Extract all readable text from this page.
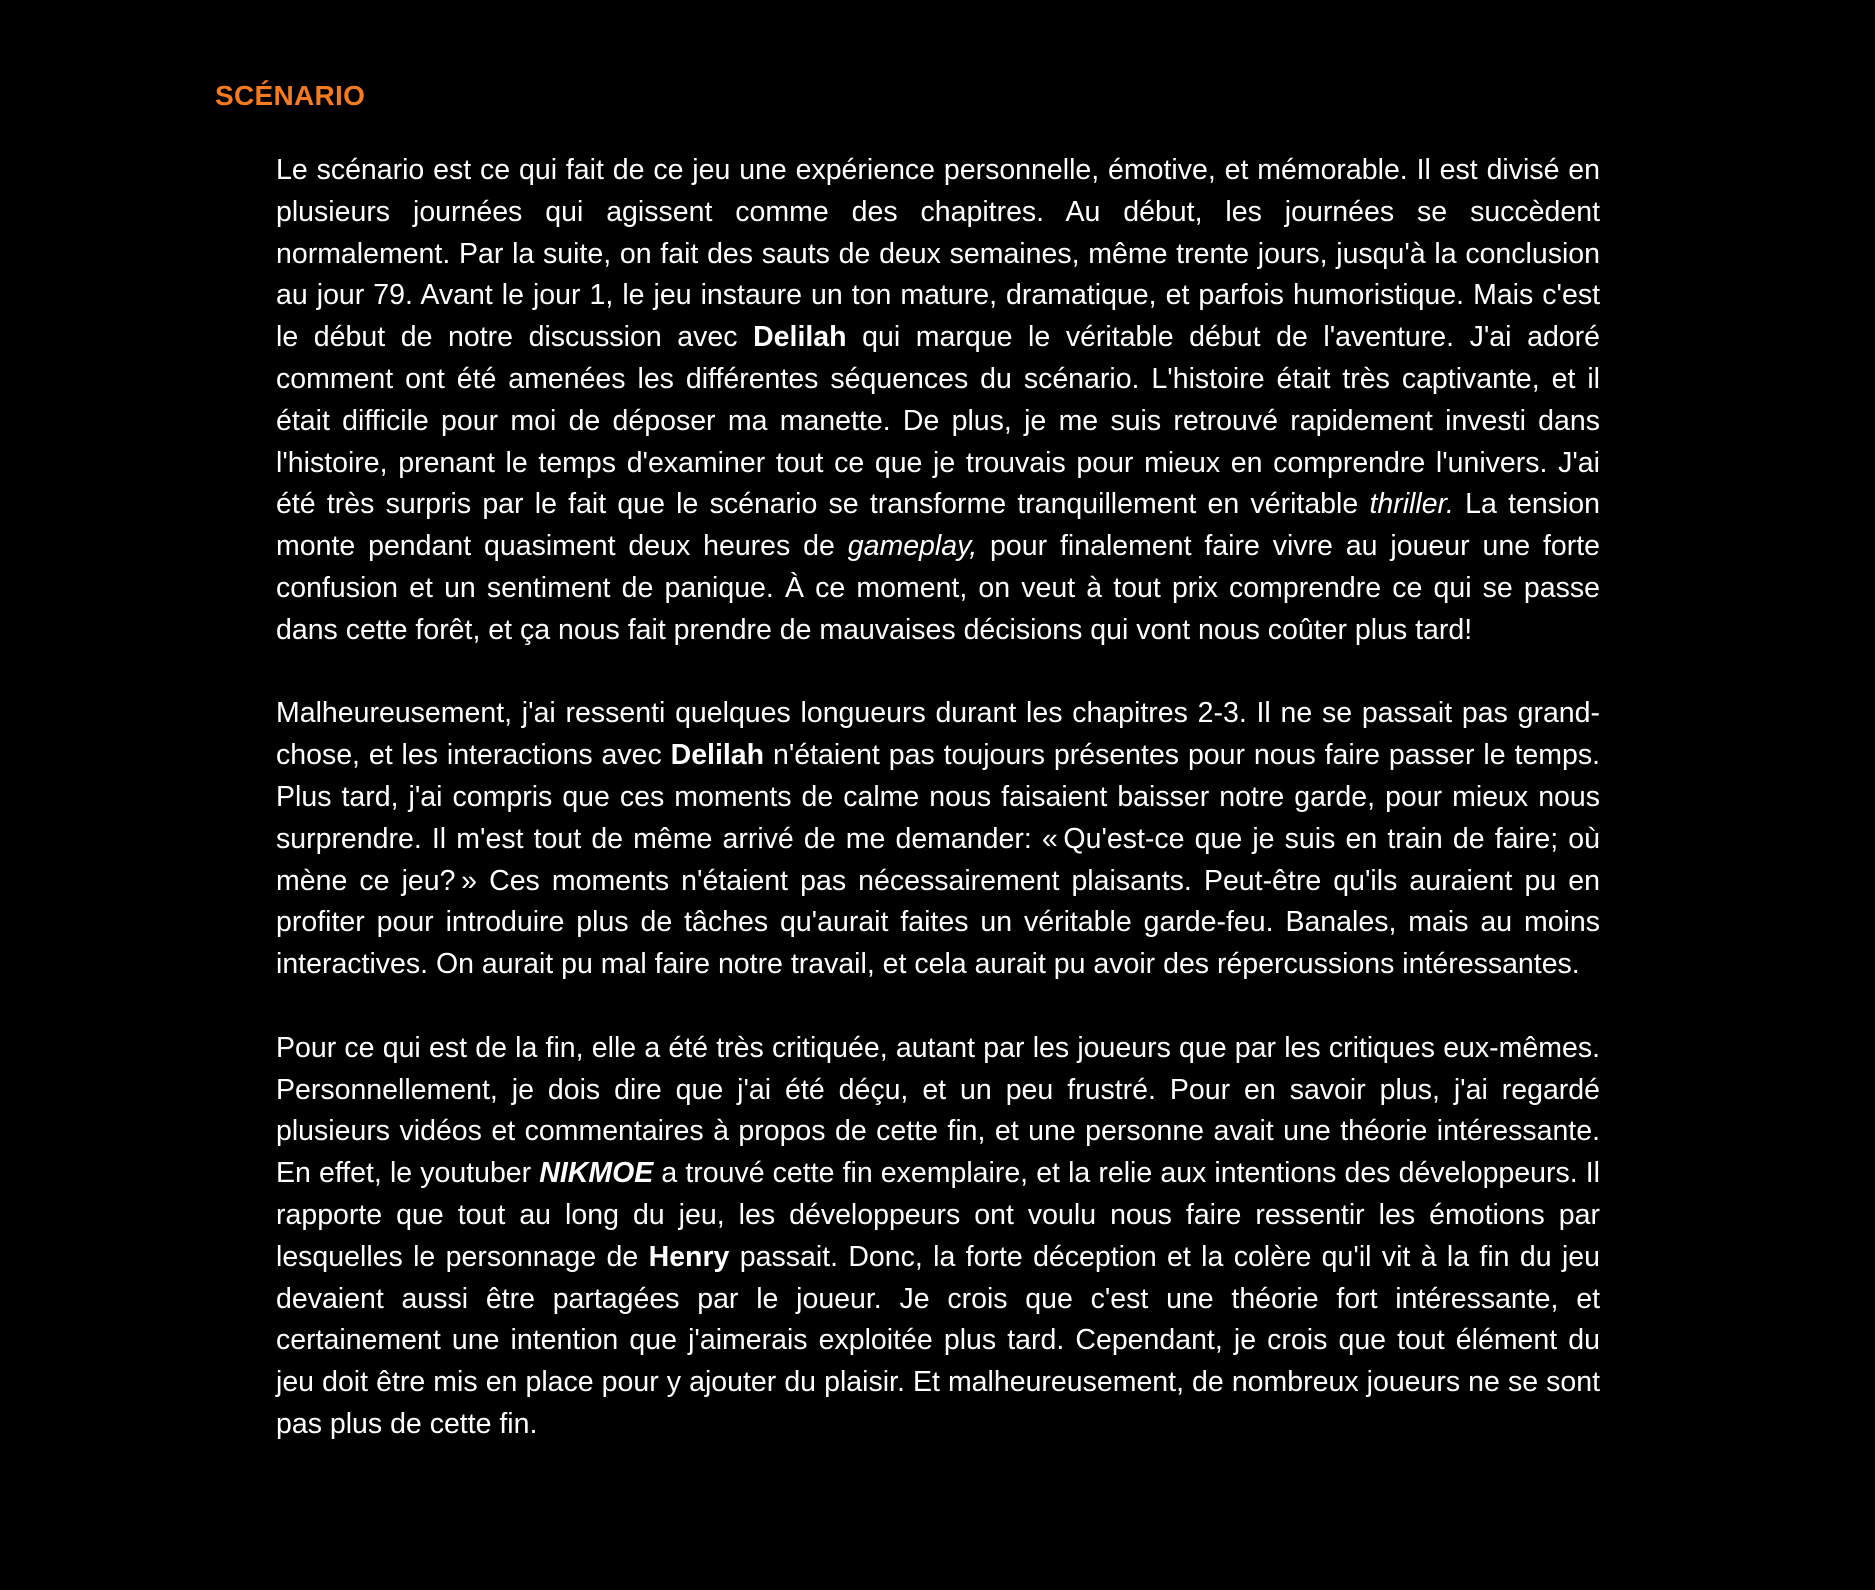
SCÉNARIO

Le scénario est ce qui fait de ce jeu une expérience personnelle, émotive, et mémorable. Il est divisé en plusieurs journées qui agissent comme des chapitres. Au début, les journées se succèdent normalement. Par la suite, on fait des sauts de deux semaines, même trente jours, jusqu'à la conclusion au jour 79. Avant le jour 1, le jeu instaure un ton mature, dramatique, et parfois humoristique. Mais c'est le début de notre discussion avec Delilah qui marque le véritable début de l'aventure. J'ai adoré comment ont été amenées les différentes séquences du scénario. L'histoire était très captivante, et il était difficile pour moi de déposer ma manette. De plus, je me suis retrouvé rapidement investi dans l'histoire, prenant le temps d'examiner tout ce que je trouvais pour mieux en comprendre l'univers. J'ai été très surpris par le fait que le scénario se transforme tranquillement en véritable thriller. La tension monte pendant quasiment deux heures de gameplay, pour finalement faire vivre au joueur une forte confusion et un sentiment de panique. À ce moment, on veut à tout prix comprendre ce qui se passe dans cette forêt, et ça nous fait prendre de mauvaises décisions qui vont nous coûter plus tard!

Malheureusement, j'ai ressenti quelques longueurs durant les chapitres 2-3. Il ne se passait pas grand-chose, et les interactions avec Delilah n'étaient pas toujours présentes pour nous faire passer le temps. Plus tard, j'ai compris que ces moments de calme nous faisaient baisser notre garde, pour mieux nous surprendre. Il m'est tout de même arrivé de me demander: « Qu'est-ce que je suis en train de faire; où mène ce jeu? » Ces moments n'étaient pas nécessairement plaisants. Peut-être qu'ils auraient pu en profiter pour introduire plus de tâches qu'aurait faites un véritable garde-feu. Banales, mais au moins interactives. On aurait pu mal faire notre travail, et cela aurait pu avoir des répercussions intéressantes.

Pour ce qui est de la fin, elle a été très critiquée, autant par les joueurs que par les critiques eux-mêmes. Personnellement, je dois dire que j'ai été déçu, et un peu frustré. Pour en savoir plus, j'ai regardé plusieurs vidéos et commentaires à propos de cette fin, et une personne avait une théorie intéressante. En effet, le youtuber NIKMOE a trouvé cette fin exemplaire, et la relie aux intentions des développeurs. Il rapporte que tout au long du jeu, les développeurs ont voulu nous faire ressentir les émotions par lesquelles le personnage de Henry passait. Donc, la forte déception et la colère qu'il vit à la fin du jeu devaient aussi être partagées par le joueur. Je crois que c'est une théorie fort intéressante, et certainement une intention que j'aimerais exploitée plus tard. Cependant, je crois que tout élément du jeu doit être mis en place pour y ajouter du plaisir. Et malheureusement, de nombreux joueurs ne se sont pas plus de cette fin.
